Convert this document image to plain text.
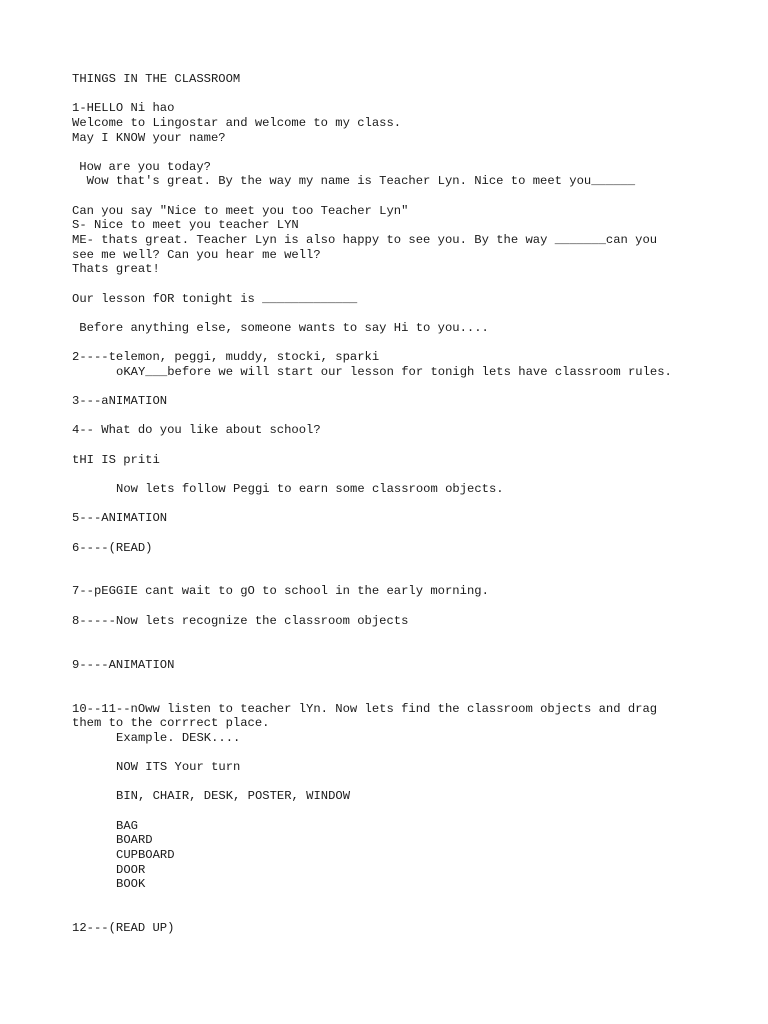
THINGS IN THE CLASSROOM
1-HELLO Ni hao
Welcome to Lingostar and welcome to my class.
May I KNOW your name?
How are you today?
Wow that's great. By the way my name is Teacher Lyn. Nice to meet you______
Can you say "Nice to meet you too Teacher Lyn"
S- Nice to meet you teacher LYN
ME- thats great. Teacher Lyn is also happy to see you. By the way _______can you
see me well? Can you hear me well?
Thats great!
Our lesson fOR tonight is _____________
Before anything else, someone wants to say Hi to you....
2----telemon, peggi, muddy, stocki, sparki
oKAY___before we will start our lesson for tonigh lets have classroom rules.
3---aNIMATION
4-- What do you like about school?
tHI IS priti
Now lets follow Peggi to earn some classroom objects.
5---ANIMATION
6----(READ)
7--pEGGIE cant wait to gO to school in the early morning.
8-----Now lets recognize the classroom objects
9----ANIMATION
10--11--nOww listen to teacher lYn. Now lets find the classroom objects and drag
them to the corrrect place.
Example. DESK....
NOW ITS Your turn
BIN, CHAIR, DESK, POSTER, WINDOW
BAG
BOARD
CUPBOARD
DOOR
BOOK
12---(READ UP)
